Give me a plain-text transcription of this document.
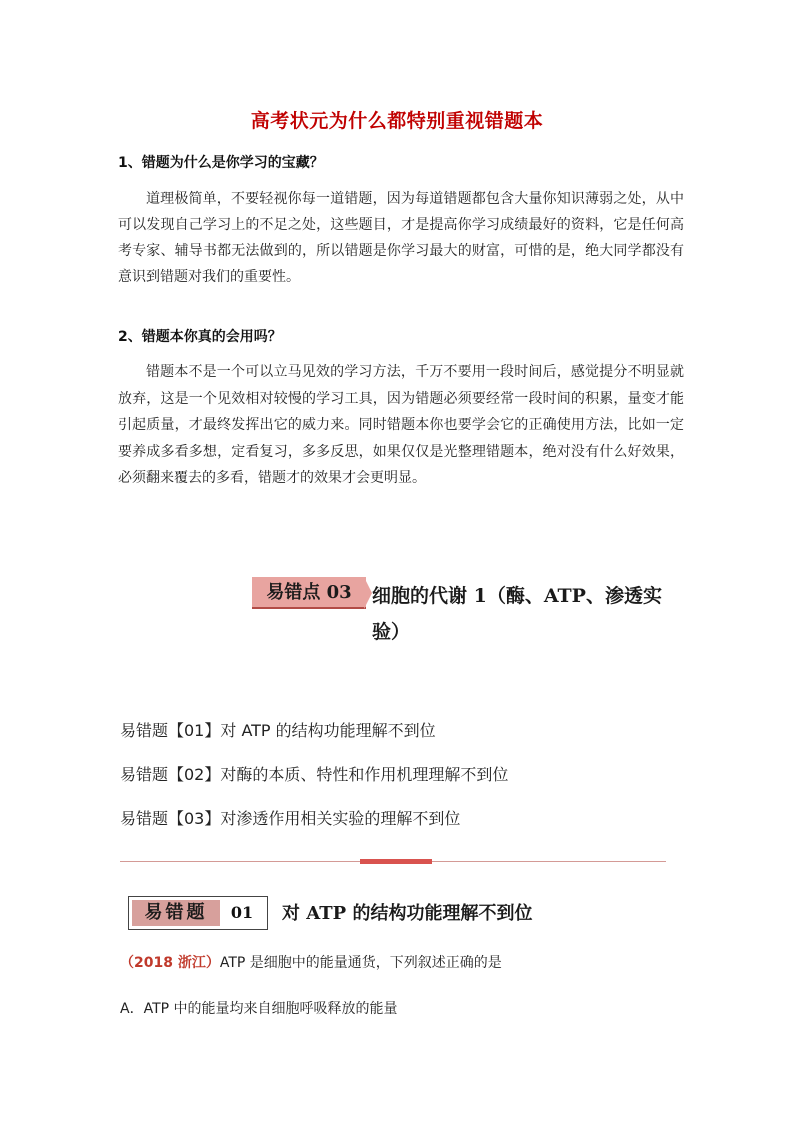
高考状元为什么都特别重视错题本
1、错题为什么是你学习的宝藏？

道理极简单，不要轻视你每一道错题，因为每道错题都包含大量你知识薄弱之处，从中可以发现自己学习上的不足之处，这些题目，才是提高你学习成绩最好的资料，它是任何高考专家、辅导书都无法做到的，所以错题是你学习最大的财富，可惜的是，绝大同学都没有意识到错题对我们的重要性。

2、错题本你真的会用吗？

错题本不是一个可以立马见效的学习方法，千万不要用一段时间后，感觉提分不明显就放弃，这是一个见效相对较慢的学习工具，因为错题必须要经常一段时间的积累，量变才能引起质量，才最终发挥出它的威力来。同时错题本你也要学会它的正确使用方法，比如一定要养成多看多想，定看复习，多多反思，如果仅仅是光整理错题本，绝对没有什么好效果，必须翻来覆去的多看，错题才的效果才会更明显。

易错点 03	细胞的代谢 1（酶、ATP、渗透实验）
易错题【01】对 ATP 的结构功能理解不到位
易错题【02】对酶的本质、特性和作用机理理解不到位
易错题【03】对渗透作用相关实验的理解不到位
易错题	01	对 ATP 的结构功能理解不到位
（2018 浙江）ATP 是细胞中的能量通货，下列叙述正确的是
A．ATP 中的能量均来自细胞呼吸释放的能量
